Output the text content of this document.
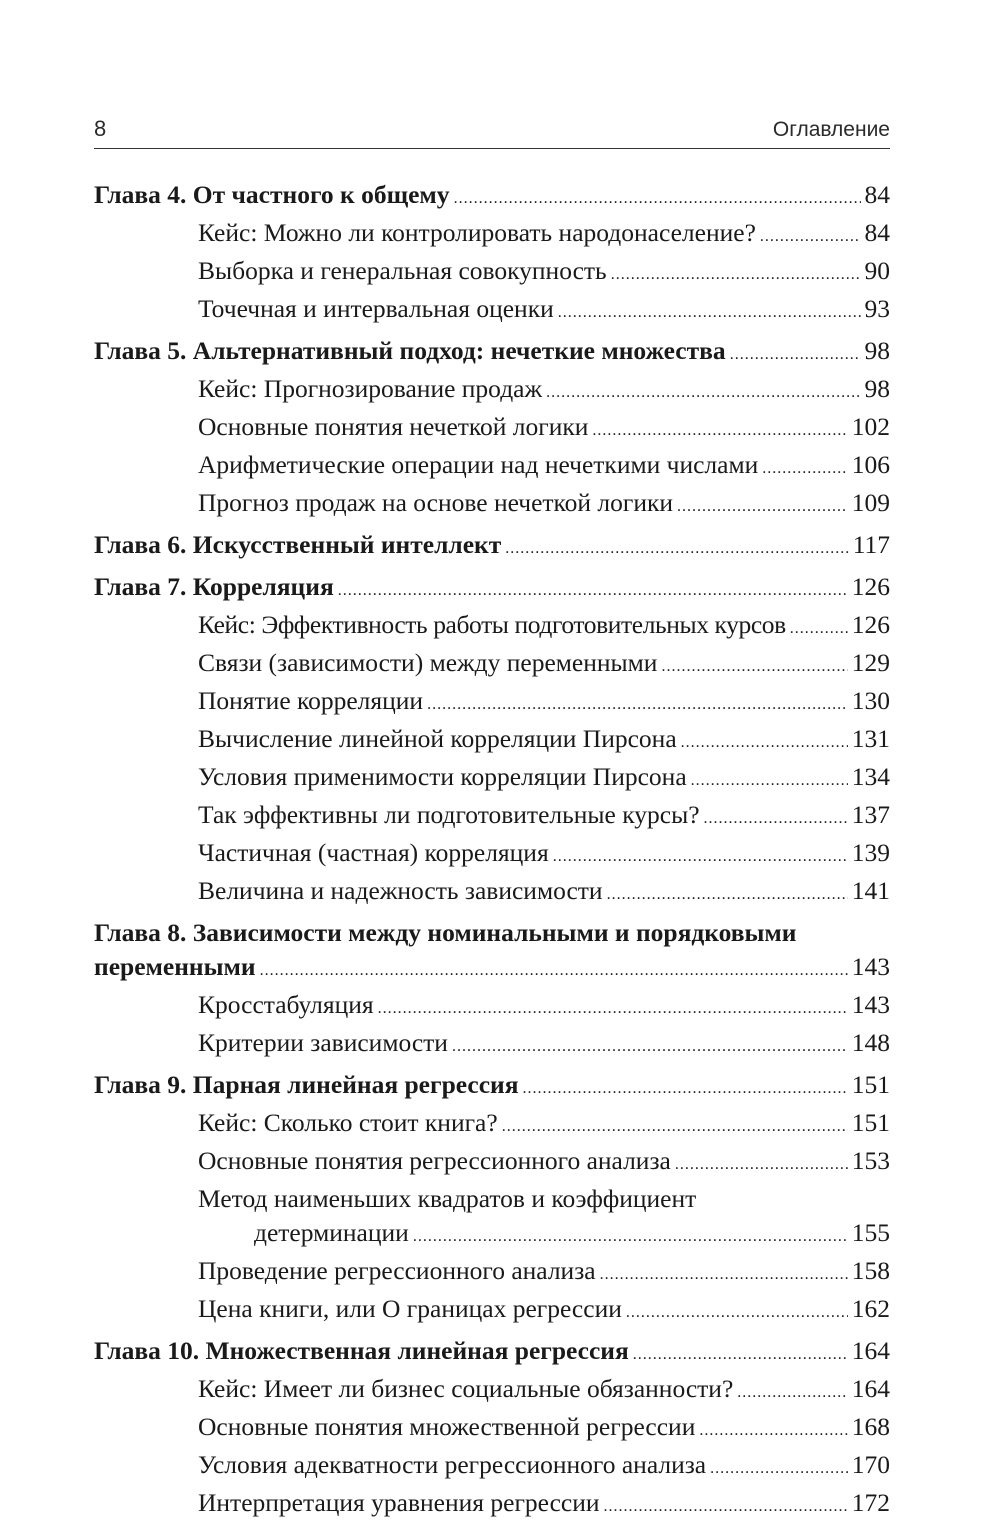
8	Оглавление
Глава 4. От частного к общему .....	84
Кейс: Можно ли контролировать народонаселение? .....	84
Выборка и генеральная совокупность .....	90
Точечная и интервальная оценки .....	93
Глава 5. Альтернативный подход: нечеткие множества .....	98
Кейс: Прогнозирование продаж .....	98
Основные понятия нечеткой логики .....	102
Арифметические операции над нечеткими числами .....	106
Прогноз продаж на основе нечеткой логики .....	109
Глава 6. Искусственный интеллект .....	117
Глава 7. Корреляция .....	126
Кейс: Эффективность работы подготовительных курсов .....	126
Связи (зависимости) между переменными .....	129
Понятие корреляции .....	130
Вычисление линейной корреляции Пирсона .....	131
Условия применимости корреляции Пирсона .....	134
Так эффективны ли подготовительные курсы? .....	137
Частичная (частная) корреляция .....	139
Величина и надежность зависимости .....	141
Глава 8. Зависимости между номинальными и порядковыми
переменными .....	143
Кросстабуляция .....	143
Критерии зависимости .....	148
Глава 9. Парная линейная регрессия .....	151
Кейс: Сколько стоит книга? .....	151
Основные понятия регрессионного анализа .....	153
Метод наименьших квадратов и коэффициент
детерминации .....	155
Проведение регрессионного анализа .....	158
Цена книги, или О границах регрессии .....	162
Глава 10. Множественная линейная регрессия .....	164
Кейс: Имеет ли бизнес социальные обязанности? .....	164
Основные понятия множественной регрессии .....	168
Условия адекватности регрессионного анализа .....	170
Интерпретация уравнения регрессии .....	172
